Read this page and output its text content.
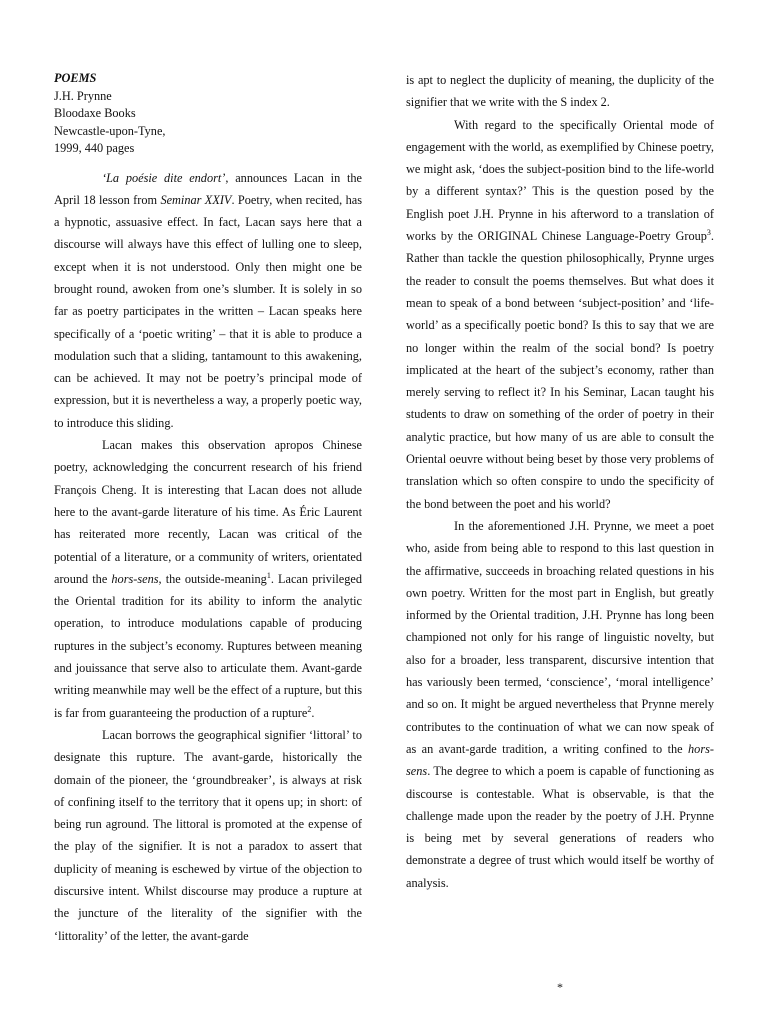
POEMS
J.H. Prynne
Bloodaxe Books
Newcastle-upon-Tyne,
1999, 440 pages

‘La poésie dite endort’, announces Lacan in the April 18 lesson from Seminar XXIV. Poetry, when recited, has a hypnotic, assuasive effect. In fact, Lacan says here that a discourse will always have this effect of lulling one to sleep, except when it is not understood. Only then might one be brought round, awoken from one’s slumber. It is solely in so far as poetry participates in the written – Lacan speaks here specifically of a ‘poetic writing’ – that it is able to produce a modulation such that a sliding, tantamount to this awakening, can be achieved. It may not be poetry’s principal mode of expression, but it is nevertheless a way, a properly poetic way, to introduce this sliding.

Lacan makes this observation apropos Chinese poetry, acknowledging the concurrent research of his friend François Cheng. It is interesting that Lacan does not allude here to the avant-garde literature of his time. As Éric Laurent has reiterated more recently, Lacan was critical of the potential of a literature, or a community of writers, orientated around the hors-sens, the outside-meaning$^1$. Lacan privileged the Oriental tradition for its ability to inform the analytic operation, to introduce modulations capable of producing ruptures in the subject’s economy. Ruptures between meaning and jouissance that serve also to articulate them. Avant-garde writing meanwhile may well be the effect of a rupture, but this is far from guaranteeing the production of a rupture$^2$.

Lacan borrows the geographical signifier ‘littoral’ to designate this rupture. The avant-garde, historically the domain of the pioneer, the ‘groundbreaker’, is always at risk of confining itself to the territory that it opens up; in short: of being run aground. The littoral is promoted at the expense of the play of the signifier. It is not a paradox to assert that duplicity of meaning is eschewed by virtue of the objection to discursive intent. Whilst discourse may produce a rupture at the juncture of the literality of the signifier with the ‘littorality’ of the letter, the avant-garde

is apt to neglect the duplicity of meaning, the duplicity of the signifier that we write with the S index 2.

With regard to the specifically Oriental mode of engagement with the world, as exemplified by Chinese poetry, we might ask, ‘does the subject-position bind to the life-world by a different syntax?’ This is the question posed by the English poet J.H. Prynne in his afterword to a translation of works by the ORIGINAL Chinese Language-Poetry Group$^3$. Rather than tackle the question philosophically, Prynne urges the reader to consult the poems themselves. But what does it mean to speak of a bond between ‘subject-position’ and ‘life-world’ as a specifically poetic bond? Is this to say that we are no longer within the realm of the social bond? Is poetry implicated at the heart of the subject’s economy, rather than merely serving to reflect it? In his Seminar, Lacan taught his students to draw on something of the order of poetry in their analytic practice, but how many of us are able to consult the Oriental oeuvre without being beset by those very problems of translation which so often conspire to undo the specificity of the bond between the poet and his world?

In the aforementioned J.H. Prynne, we meet a poet who, aside from being able to respond to this last question in the affirmative, succeeds in broaching related questions in his own poetry. Written for the most part in English, but greatly informed by the Oriental tradition, J.H. Prynne has long been championed not only for his range of linguistic novelty, but also for a broader, less transparent, discursive intention that has variously been termed, ‘conscience’, ‘moral intelligence’ and so on. It might be argued nevertheless that Prynne merely contributes to the continuation of what we can now speak of as an avant-garde tradition, a writing confined to the hors-sens. The degree to which a poem is capable of functioning as discourse is contestable. What is observable, is that the challenge made upon the reader by the poetry of J.H. Prynne is being met by several generations of readers who demonstrate a degree of trust which would itself be worthy of analysis.

*
